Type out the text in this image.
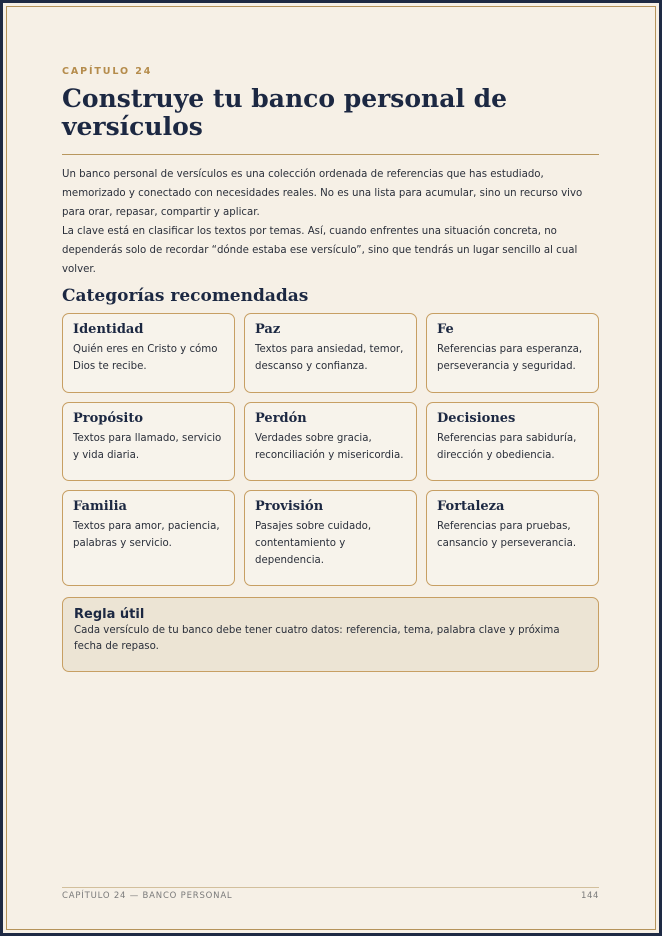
CAPÍTULO 24
Construye tu banco personal de versículos

Un banco personal de versículos es una colección ordenada de referencias que has estudiado, memorizado y conectado con necesidades reales. No es una lista para acumular, sino un recurso vivo para orar, repasar, compartir y aplicar.

La clave está en clasificar los textos por temas. Así, cuando enfrentes una situación concreta, no dependerás solo de recordar “dónde estaba ese versículo”, sino que tendrás un lugar sencillo al cual volver.

Categorías recomendadas
Identidad

Quién eres en Cristo y cómo Dios te recibe.

Paz

Textos para ansiedad, temor, descanso y confianza.

Fe

Referencias para esperanza, perseverancia y seguridad.

Propósito

Textos para llamado, servicio y vida diaria.

Perdón

Verdades sobre gracia, reconciliación y misericordia.

Decisiones

Referencias para sabiduría, dirección y obediencia.

Familia

Textos para amor, paciencia, palabras y servicio.

Provisión

Pasajes sobre cuidado, contentamiento y dependencia.

Fortaleza

Referencias para pruebas, cansancio y perseverancia.

Regla útil

Cada versículo de tu banco debe tener cuatro datos: referencia, tema, palabra clave y próxima fecha de repaso.

CAPÍTULO 24 — BANCO PERSONAL	144
